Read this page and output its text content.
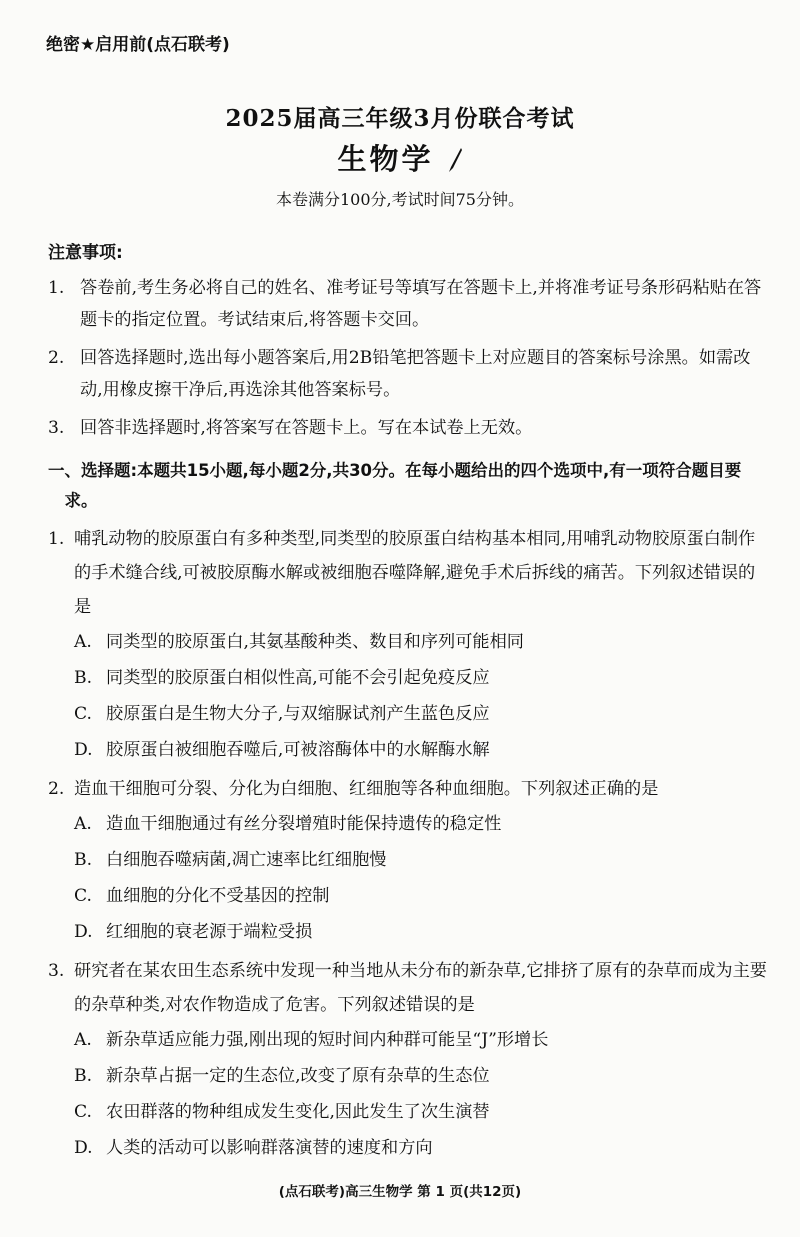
绝密★启用前(点石联考)
2025届高三年级3月份联合考试
生物学
本卷满分100分,考试时间75分钟。
注意事项:
1. 答卷前,考生务必将自己的姓名、准考证号等填写在答题卡上,并将准考证号条形码粘贴在答题卡的指定位置。考试结束后,将答题卡交回。
2. 回答选择题时,选出每小题答案后,用2B铅笔把答题卡上对应题目的答案标号涂黑。如需改动,用橡皮擦干净后,再选涂其他答案标号。
3. 回答非选择题时,将答案写在答题卡上。写在本试卷上无效。
一、选择题:本题共15小题,每小题2分,共30分。在每小题给出的四个选项中,有一项符合题目要求。
1. 哺乳动物的胶原蛋白有多种类型,同类型的胶原蛋白结构基本相同,用哺乳动物胶原蛋白制作的手术缝合线,可被胶原酶水解或被细胞吞噬降解,避免手术后拆线的痛苦。下列叙述错误的是
A. 同类型的胶原蛋白,其氨基酸种类、数目和序列可能相同
B. 同类型的胶原蛋白相似性高,可能不会引起免疫反应
C. 胶原蛋白是生物大分子,与双缩脲试剂产生蓝色反应
D. 胶原蛋白被细胞吞噬后,可被溶酶体中的水解酶水解
2. 造血干细胞可分裂、分化为白细胞、红细胞等各种血细胞。下列叙述正确的是
A. 造血干细胞通过有丝分裂增殖时能保持遗传的稳定性
B. 白细胞吞噬病菌,凋亡速率比红细胞慢
C. 血细胞的分化不受基因的控制
D. 红细胞的衰老源于端粒受损
3. 研究者在某农田生态系统中发现一种当地从未分布的新杂草,它排挤了原有的杂草而成为主要的杂草种类,对农作物造成了危害。下列叙述错误的是
A. 新杂草适应能力强,刚出现的短时间内种群可能呈“J”形增长
B. 新杂草占据一定的生态位,改变了原有杂草的生态位
C. 农田群落的物种组成发生变化,因此发生了次生演替
D. 人类的活动可以影响群落演替的速度和方向
(点石联考)高三生物学 第 1 页(共12页)
